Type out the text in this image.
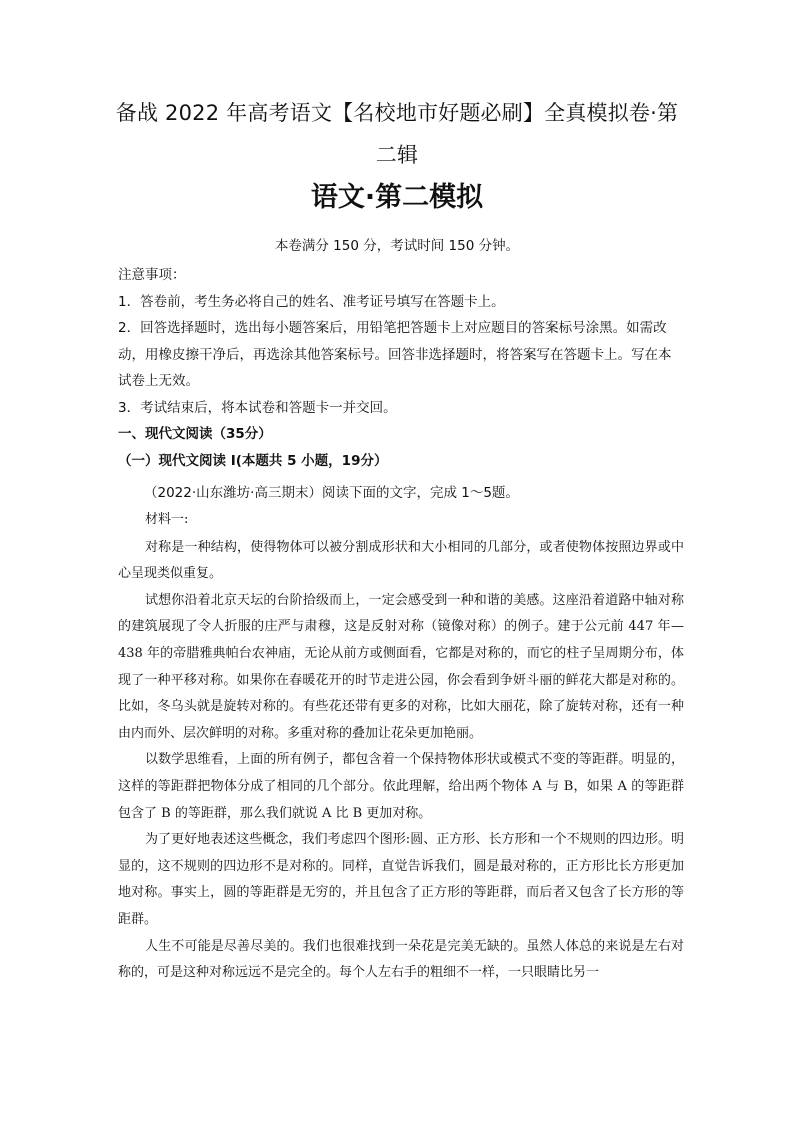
备战 2022 年高考语文【名校地市好题必刷】全真模拟卷·第二辑
语文·第二模拟
本卷满分 150 分，考试时间 150 分钟。

注意事项：

1．答卷前，考生务必将自己的姓名、准考证号填写在答题卡上。

2．回答选择题时，选出每小题答案后，用铅笔把答题卡上对应题目的答案标号涂黑。如需改动，用橡皮擦干净后，再选涂其他答案标号。回答非选择题时，将答案写在答题卡上。写在本试卷上无效。

3．考试结束后，将本试卷和答题卡一并交回。

一、现代文阅读（35分）

（一）现代文阅读 I(本题共 5 小题，19分）

（2022·山东潍坊·高三期末）阅读下面的文字，完成 1～5题。

材料一:

对称是一种结构，使得物体可以被分割成形状和大小相同的几部分，或者使物体按照边界或中心呈现类似重复。

试想你沿着北京天坛的台阶拾级而上，一定会感受到一种和谐的美感。这座沿着道路中轴对称的建筑展现了令人折服的庄严与肃穆，这是反射对称（镜像对称）的例子。建于公元前 447 年—438 年的帝腊雅典帕台农神庙，无论从前方或侧面看，它都是对称的，而它的柱子呈周期分布，体现了一种平移对称。如果你在春暖花开的时节走进公园，你会看到争妍斗丽的鲜花大都是对称的。比如，冬乌头就是旋转对称的。有些花还带有更多的对称，比如大丽花，除了旋转对称，还有一种由内而外、层次鲜明的对称。多重对称的叠加让花朵更加艳丽。

以数学思维看，上面的所有例子，都包含着一个保持物体形状或模式不变的等距群。明显的，这样的等距群把物体分成了相同的几个部分。依此理解，给出两个物体 A 与 B，如果 A 的等距群包含了 B 的等距群，那么我们就说 A 比 B 更加对称。

为了更好地表述这些概念，我们考虑四个图形:圆、正方形、长方形和一个不规则的四边形。明显的，这不规则的四边形不是对称的。同样，直觉告诉我们，圆是最对称的，正方形比长方形更加地对称。事实上，圆的等距群是无穷的，并且包含了正方形的等距群，而后者又包含了长方形的等距群。

人生不可能是尽善尽美的。我们也很难找到一朵花是完美无缺的。虽然人体总的来说是左右对称的，可是这种对称远远不是完全的。每个人左右手的粗细不一样，一只眼睛比另一
